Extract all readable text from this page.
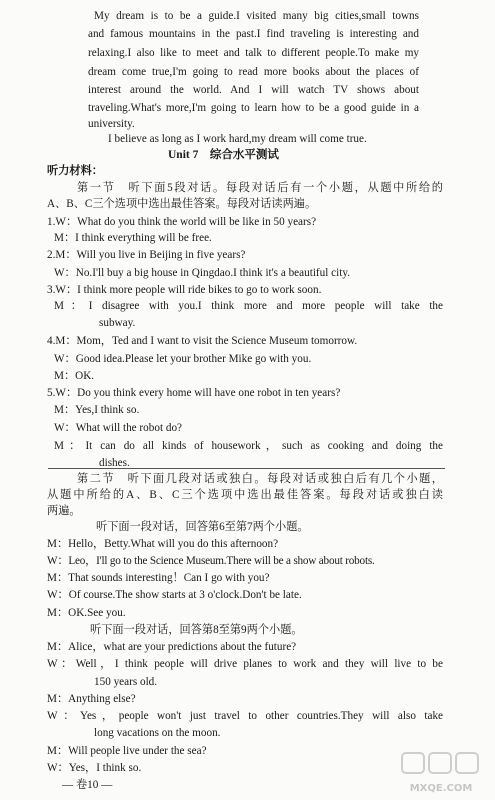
My dream is to be a guide.I visited many big cities,small towns
and famous mountains in the past.I find traveling is interesting and
relaxing.I also like to meet and talk to different people.To make my
dream come true,I'm going to read more books about the places of
interest around the world. And I will watch TV shows about
traveling.What's more,I'm going to learn how to be a good guide in a
university.
I believe as long as I work hard,my dream will come true.
Unit 7　综合水平测试
听力材料：
第一节　听下面5段对话。每段对话后有一个小题，从题中所给的
A、B、C三个选项中选出最佳答案。每段对话读两遍。
1.W：What do you think the world will be like in 50 years?
M：I think everything will be free.
2.M：Will you live in Beijing in five years?
W：No.I'll buy a big house in Qingdao.I think it's a beautiful city.
3.W：I think more people will ride bikes to go to work soon.
M：I disagree with you.I think more and more people will take the
subway.
4.M：Mom，Ted and I want to visit the Science Museum tomorrow.
W：Good idea.Please let your brother Mike go with you.
M：OK.
5.W：Do you think every home will have one robot in ten years?
M：Yes,I think so.
W：What will the robot do?
M：It can do all kinds of housework，such as cooking and doing the
dishes.
第二节　听下面几段对话或独白。每段对话或独白后有几个小题，
从题中所给的A、B、C三个选项中选出最佳答案。每段对话或独白读
两遍。
听下面一段对话，回答第6至第7两个小题。
M：Hello，Betty.What will you do this afternoon?
W：Leo，I'll go to the Science Museum.There will be a show about robots.
M：That sounds interesting！Can I go with you?
W：Of course.The show starts at 3 o'clock.Don't be late.
M：OK.See you.
听下面一段对话，回答第8至第9两个小题。
M：Alice，what are your predictions about the future?
W：Well，I think people will drive planes to work and they will live to be
150 years old.
M：Anything else?
W：Yes，people won't just travel to other countries.They will also take
long vacations on the moon.
M：Will people live under the sea?
W：Yes，I think so.
— 卷10 —	MXQE.COM
